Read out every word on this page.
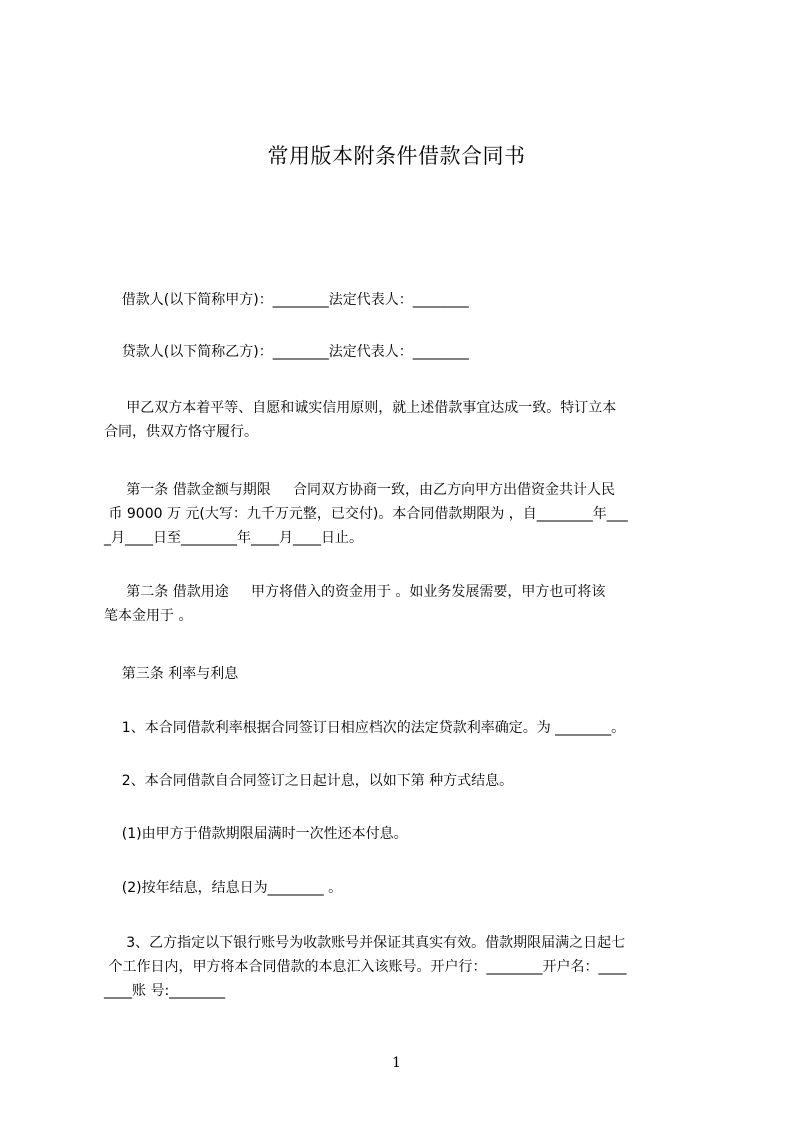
常用版本附条件借款合同书

借款人(以下简称甲方)：________法定代表人：________

贷款人(以下简称乙方)：________法定代表人：________

甲乙双方本着平等、自愿和诚实信用原则，就上述借款事宜达成一致。特订立本
合同，供双方恪守履行。

第一条 借款金额与期限     合同双方协商一致，由乙方向甲方出借资金共计人民
币 9000 万 元(大写：九千万元整，已交付)。本合同借款期限为 ，自________年___
_月____日至________年____月____日止。

第二条 借款用途     甲方将借入的资金用于 。如业务发展需要，甲方也可将该
笔本金用于 。

第三条 利率与利息

1、本合同借款利率根据合同签订日相应档次的法定贷款利率确定。为 ________。

2、本合同借款自合同签订之日起计息，以如下第 种方式结息。

(1)由甲方于借款期限届满时一次性还本付息。

(2)按年结息，结息日为________ 。

3、乙方指定以下银行账号为收款账号并保证其真实有效。借款期限届满之日起七
个工作日内，甲方将本合同借款的本息汇入该账号。开户行：________开户名：____
____账 号:________

1
